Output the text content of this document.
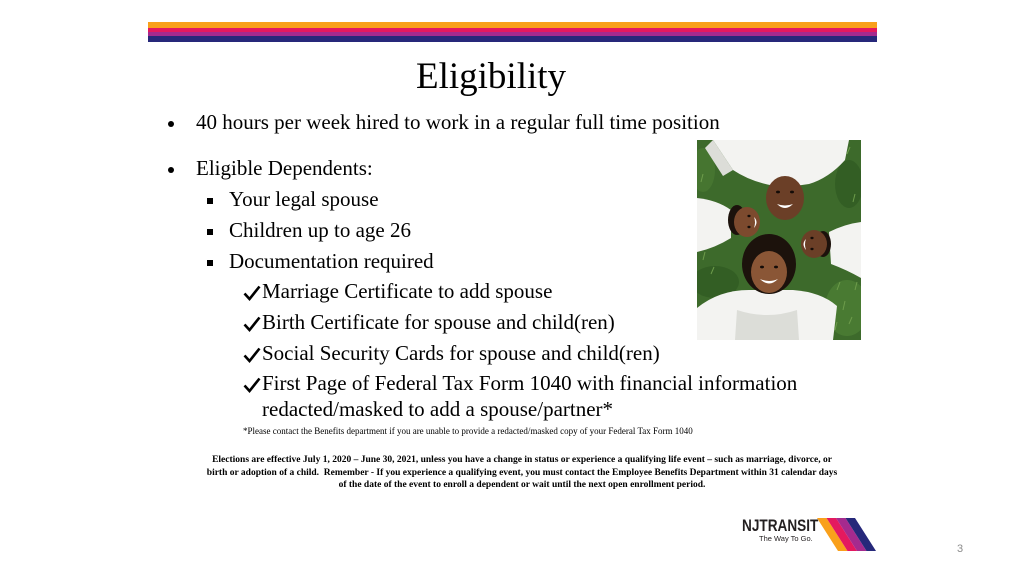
Eligibility
40 hours per week hired to work in a regular full time position
Eligible Dependents:
Your legal spouse
Children up to age 26
Documentation required
Marriage Certificate to add spouse
Birth Certificate for spouse and child(ren)
Social Security Cards for spouse and child(ren)
First Page of Federal Tax Form 1040 with financial information redacted/masked to add a spouse/partner*
*Please contact the Benefits department if you are unable to provide a redacted/masked copy of your Federal Tax Form 1040
Elections are effective July 1, 2020 – June 30, 2021, unless you have a change in status or experience a qualifying life event – such as marriage, divorce, or
birth or adoption of a child.  Remember - If you experience a qualifying event, you must contact the Employee Benefits Department within 31 calendar days
of the date of the event to enroll a dependent or wait until the next open enrollment period.
NJTRANSIT
The Way To Go.
3
